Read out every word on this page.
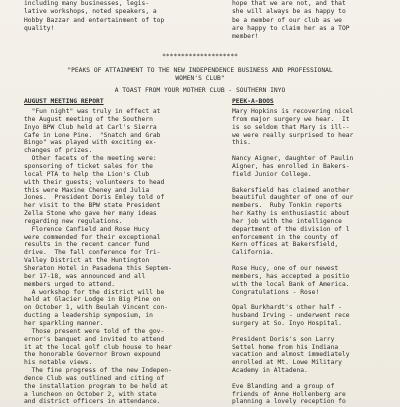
including many businesses, legis-
lative workshops, noted speakers, a
Hobby Bazzar and entertainment of top
quality!
hope that we are not, and that
she will always be as happy to
be a member of our club as we
are happy to claim her as a TOP
member!
********************
"PEAKS OF ATTAINMENT TO THE NEW INDEPENDENCE BUSINESS AND PROFESSIONAL
WOMEN'S CLUB"
A TOAST FROM YOUR MOTHER CLUB - SOUTHERN INYO
AUGUST MEETING REPORT	PEEK-A-BOOS
"Fun night" was truly in effect at
the August meeting of the Southern
Inyo BPW Club held at Carl's Sierra
Cafe in Lone Pine.  "Snatch and Grab
Bingo" was played with exciting ex-
changes of prizes.
Other facets of the meeting were:
sponsoring of ticket sales for the
local PTA to help the Lion's Club
with their guests; volunteers to head
this were Maxine Cheney and Julia
Jones.  President Doris Emley told of
her visit to the BPW state President
Zella Stone who gave her many ideas
regarding new regulations.
Florence Canfield and Rose Hucy
were commended for their exceptional
results in the recent cancer fund
drive.  The fall conference for Tri-
Valley District at the Huntington
Sheraton Hotel in Pasadena this Septem-
ber 17-18, was announced and all
members urged to attend.
A workshop for the district will be
held at Glacier Lodge in Big Pine on
on October 1, with Beulah Vincent con-
ducting a leadership symposium, in
her sparkling manner.
Those present were told of the gov-
ernor's banquet and invited to attend
it at the local golf club house to hear
the honorable Governor Brown expound
his notable views.
The fine progress of the new Indepen-
dence Club was outlined and citing of
the installation program to be held at
a luncheon on October 2, with state
and district officers in attendance.
Mary Hopkins is recovering nicel
from major surgery we hear.  It
is so seldom that Mary is ill--
we were really surprised to hear
this.
Nancy Aigner, daughter of Paulin
Aigner, has enrolled in Bakers-
field Junior College.
Bakersfield has claimed another
beautiful daughter of one of our
members.  Ruby Tonkin reports
her Kathy is enthusiastic about
her job with the intelligence
department of the division of l
enforcement in the county of
Kern offices at Bakersfield,
California.
Rose Hucy, one of our newest
members, has accepted a positio
with the local Bank of America.
Congratulations - Rose!
Opal Burkhardt's other half -
husband Irving - underwent rece
surgery at So. Inyo Hospital.
President Doris's son Larry
Settel home from his Indiana
vacation and almost immediately
enrolled at Mt. Lowe Military
Academy in Altadena.
Eve Blanding and a group of
friends of Anne Hollenberg are
planning a lovely reception fo
